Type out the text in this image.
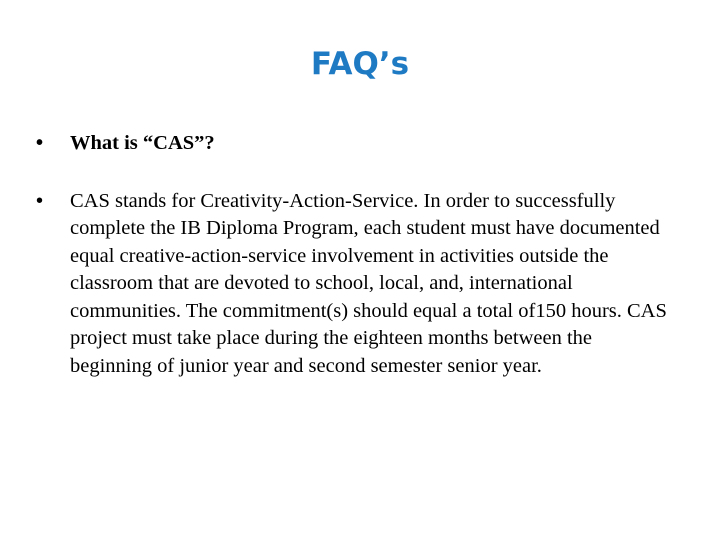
FAQ’s
• What is “CAS”?
• CAS stands for Creativity-Action-Service. In order to successfully complete the IB Diploma Program, each student must have documented equal creative-action-service involvement in activities outside the classroom that are devoted to school, local, and, international communities. The commitment(s) should equal a total of150 hours. CAS project must take place during the eighteen months between the beginning of junior year and second semester senior year.
